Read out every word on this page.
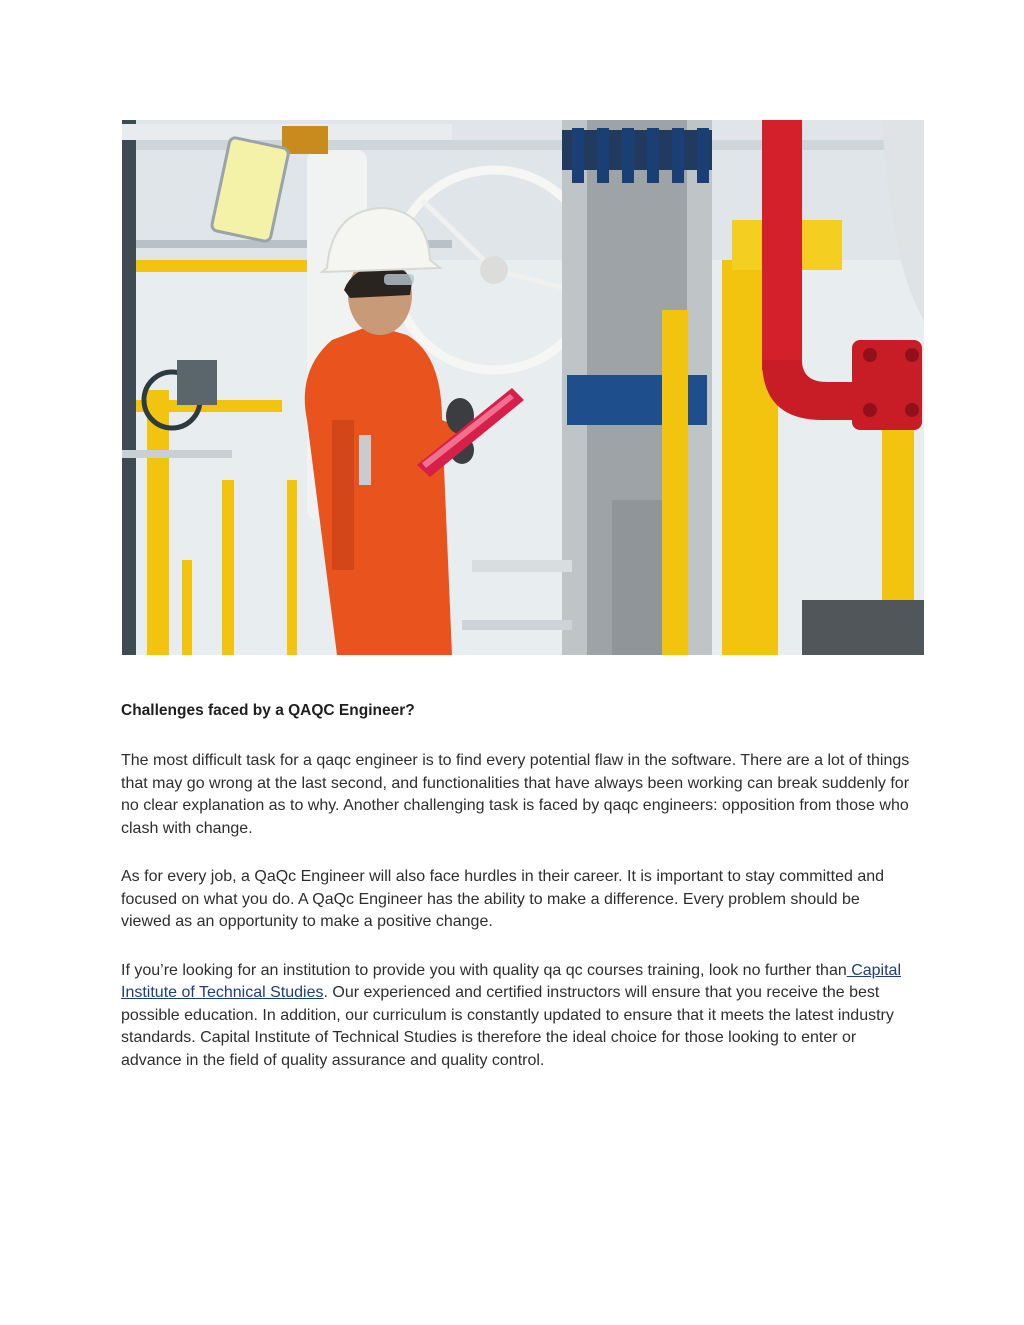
Challenges faced by a QAQC Engineer?

The most difficult task for a qaqc engineer is to find every potential flaw in the software. There are a lot of things that may go wrong at the last second, and functionalities that have always been working can break suddenly for no clear explanation as to why. Another challenging task is faced by qaqc engineers: opposition from those who clash with change.

As for every job, a QaQc Engineer will also face hurdles in their career. It is important to stay committed and focused on what you do. A QaQc Engineer has the ability to make a difference. Every problem should be viewed as an opportunity to make a positive change.

If you’re looking for an institution to provide you with quality qa qc courses training, look no further than Capital Institute of Technical Studies. Our experienced and certified instructors will ensure that you receive the best possible education. In addition, our curriculum is constantly updated to ensure that it meets the latest industry standards. Capital Institute of Technical Studies is therefore the ideal choice for those looking to enter or advance in the field of quality assurance and quality control.
